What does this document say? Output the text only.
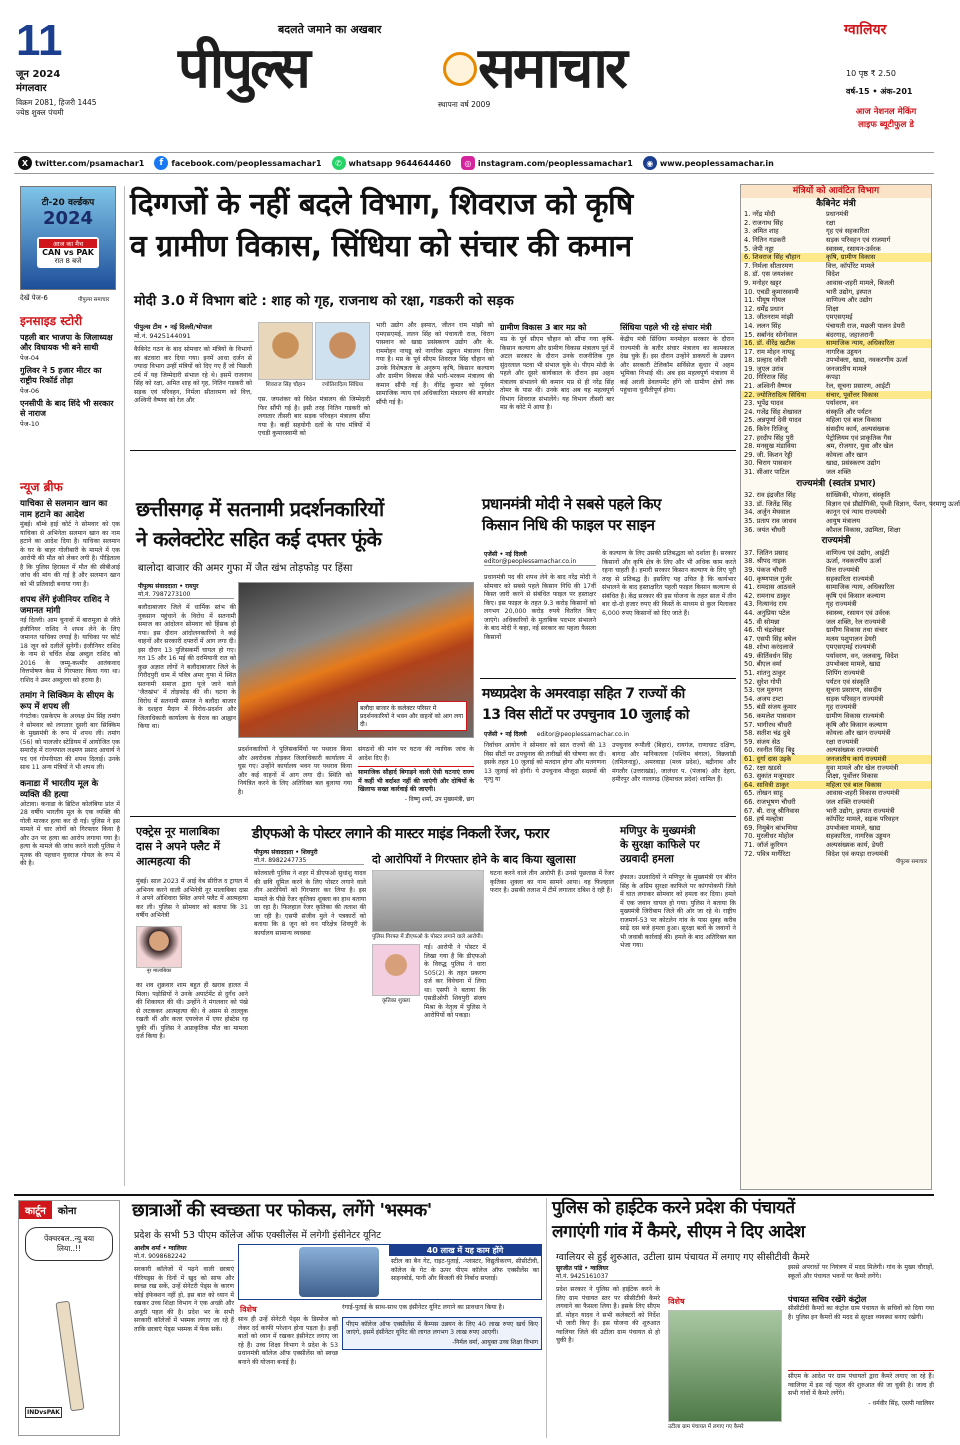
11
जून 2024
मंगलवार
विक्रम 2081, हिजरी 1445
ज्येष्ठ शुक्ल पंचमी
बदलते जमाने का अखबार
पीपुल्स	समाचार
स्थापना वर्ष 2009
ग्वालियर
10 पृष्ठ ₹ 2.50
वर्ष-15 • अंक-201
आज नेशनल मेकिंग
लाइफ ब्यूटीफुल डे
X twitter.com/psamachar1	f	facebook.com/peoplessamachar1	✆ whatsapp 9644644460	◎ instagram.com/peoplessamachar1	◉ www.peoplessamachar.in
टी-20 वर्ल्डकप
2024
आज का मैच
CAN vs PAK
रात 8 बजे
देखें पेज-6	पीपुल्स समाचार
इनसाइड स्टोरी
पहली बार भाजपा के जिलाध्यक्ष और विधायक भी बने साथी
पेज-04
गुलिवर ने 5 हजार मीटर का राष्ट्रीय रिकॉर्ड तोड़ा
पेज-06
एनसीपी के बाद शिंदे भी सरकार से नाराज
पेज-10
न्यूज ब्रीफ
याचिका से सलमान खान का नाम हटाने का आदेश
मुंबई। बॉम्बे हाई कोर्ट ने सोमवार को एक याचिका से अभिनेता सलमान खान का नाम हटाने का आदेश दिया है। याचिका सलमान के घर के बाहर गोलीबारी के मामले में एक आरोपी की मौत को लेकर लगी है। पीड़ितात्व है कि पुलिस हिरासत में मौत की सीबीआई जांच की मांग की गई है और सलमान खान को भी प्रतिवादी बनाया गया है।
शपथ लेंगे इंजीनियर राशिद ने जमानत मांगी
नई दिल्ली। आम चुनावों में बारामूला से जीते इंजीनियर राशिद ने शपथ लेने के लिए जमानत याचिका लगाई है। याचिका पर कोर्ट 18 जून को दलीलें सुनेगी। इंजीनियर राशिद के नाम से चर्चित शेख अब्दुल राशिद को 2016 के जम्मू-कश्मीर आतंकवाद वित्तपोषण केस में गिरफ्तार किया गया था। राशिद ने उमर अब्दुल्ला को हराया है।
तमांग ने सिक्किम के सीएम के रूप में शपथ ली
गंगटोक। एसकेएम के अध्यक्ष प्रेम सिंह तमांग ने सोमवार को लगातार दूसरी बार सिक्किम के मुख्यमंत्री के रूप में शपथ ली। तमांग (56) को पालजोर स्टेडियम में आयोजित एक समारोह में राज्यपाल लक्ष्मण प्रसाद आचार्य ने पद एवं गोपनीयता की शपथ दिलाई। उनके साथ 11 अन्य मंत्रियों ने भी शपथ ली।
कनाडा में भारतीय मूल के व्यक्ति की हत्या
ओटावा। कनाडा के ब्रिटिश कोलंबिया प्रांत में 28 वर्षीय भारतीय मूल के एक व्यक्ति की गोली मारकर हत्या कर दी गई। पुलिस ने इस मामले में चार लोगों को गिरफ्तार किया है और उन पर हत्या का आरोप लगाया गया है। हत्या के मामले की जांच करने वाली पुलिस ने मृतक की पहचान युवराज गोयल के रूप में की है।
दिग्गजों के नहीं बदले विभाग, शिवराज को कृषि
व ग्रामीण विकास, सिंधिया को संचार की कमान
मोदी 3.0 में विभाग बांटे : शाह को गृह, राजनाथ को रक्षा, गडकरी को सड़क
पीपुल्स टीम • नई दिल्ली/भोपाल
मो.नं. 9425144091
कैबिनेट गठन के बाद सोमवार को मंत्रियों के विभागों का बंटवारा कर दिया गया। इनमें आधा दर्जन से ज्यादा विभाग उन्हीं मंत्रियों को दिए गए हैं जो पिछली टर्म में यह जिम्मेदारी संभाल रहे थे। इसमें राजनाथ सिंह को रक्षा, अमित शाह को गृह, नितिन गडकरी को सड़क एवं परिवहन, निर्मला सीतारमण को वित्त, अश्विनी वैष्णव को रेल और
शिवराज सिंह चौहान	ज्योतिरादित्य सिंधिया
एस. जयशंकर को विदेश मंत्रालय की जिम्मेदारी फिर सौंपी गई है। इसी तरह नितिन गडकरी को लगातार तीसरी बार सड़क परिवहन मंत्रालय सौंपा गया है। कहीं सहयोगी दलों के पांच मंत्रियों में एचडी कुमारस्वामी को
भारी उद्योग और इस्पात, जीतन राम मांझी को एमएसएमई, ललन सिंह को पंचायती राज, चिराग पासवान को खाद्य प्रसंस्करण उद्योग और के. राममोहन नायडू को नागरिक उड्डयन मंत्रालय दिया गया है। मप्र के पूर्व सीएम शिवराज सिंह चौहान को उनके विशेषज्ञता के अनुरूप कृषि, किसान कल्याण और ग्रामीण विकास जैसे भारी-भरकम मंत्रालय की कमान सौंपी गई है। वीरेंद्र कुमार को पूर्ववत सामाजिक न्याय एवं अधिकारिता मंत्रालय की बागडोर सौंपी गई है।
ग्रामीण विकास 3 बार मप्र को
मप्र के पूर्व सीएम चौहान को सौंपा गया कृषि-किसान कल्याण और ग्रामीण विकास मंत्रालय पूर्व में अटल सरकार के दौरान उनके राजनीतिक गुरु सुंदरलाल पटवा भी संभाल चुके थे। पीएम मोदी के पहले और दूसरे कार्यकाल के दौरान इस अहम मंत्रालय संभालने की कमान मप्र से ही नरेंद्र सिंह तोमर के पास थी। उनके बाद अब यह महत्वपूर्ण विभाग शिवराज संभालेंगे। यह विभाग तीसरी बार मप्र के कोटे में आया है।
सिंधिया पहले भी रहे संचार मंत्री
केंद्रीय मंत्री सिंधिया मनमोहन सरकार के दौरान राज्यमंत्री के बतौर संचार मंत्रालय का कामकाज देख चुके हैं। इस दौरान उन्होंने डाकघरों के उन्नयन और सरकारी टेलिकॉम सर्विसेज सुधार में अहम भूमिका निभाई थी। अब इस महत्वपूर्ण मंत्रालय में कई अरली डेवलपमेंट होंगे जो ग्रामीण क्षेत्रों तक पहुंचाना चुनौतीपूर्ण होगा।
मंत्रियों को आवंटित विभाग
कैबिनेट मंत्री
1. नरेंद्र मोदी	प्रधानमंत्री
2. राजनाथ सिंह	रक्षा
3. अमित शाह	गृह एवं सहकारिता
4. नितिन गडकरी	सड़क परिवहन एवं राजमार्ग
5. जेपी नड्डा	स्वास्थ्य, रसायन-उर्वरक
6. शिवराज सिंह चौहान	कृषि, ग्रामीण विकास
7. निर्मला सीतारमण	वित्त, कॉर्पोरेट मामले
8. डॉ. एस जयशंकर	विदेश
9. मनोहर खट्टर	आवास-शहरी मामले, बिजली
10. एचडी कुमारस्वामी	भारी उद्योग, इस्पात
11. पीयूष गोयल	वाणिज्य और उद्योग
12. धर्मेंद्र प्रधान	शिक्षा
13. जीतनराम मांझी	एमएसएमई
14. ललन सिंह	पंचायती राज, मछली पालन डेयरी
15. सर्बानंद सोनोवाल	बंदरगाह, जहाजरानी
16. डॉ. वीरेंद्र खटीक	सामाजिक न्याय, अधिकारिता
17. राम मोहन नायडू	नागरिक उड्डयन
18. प्रल्हाद जोशी	उपभोक्ता, खाद्य, नवकरणीय ऊर्जा
19. जुएल उरांव	जनजातीय मामले
20. गिरिराज सिंह	कपड़ा
21. अश्विनी वैष्णव	रेल, सूचना प्रसारण, आईटी
22. ज्योतिरादित्य सिंधिया	संचार, पूर्वोत्तर विकास
23. भूपेंद्र यादव	पर्यावरण, वन
24. गजेंद्र सिंह शेखावत	संस्कृति और पर्यटन
25. अन्नपूर्णा देवी यादव	महिला एवं बाल विकास
26. किरेन रिजिजू	संसदीय कार्य, अल्पसंख्यक
27. हरदीप सिंह पुरी	पेट्रोलियम एवं प्राकृतिक गैस
28. मनसुख मंडाविया	श्रम, रोजगार, युवा और खेल
29. जी. किशन रेड्डी	कोयला और खान
30. चिराग पासवान	खाद्य, प्रसंस्करण उद्योग
31. सीआर पाटिल	जल शक्ति
राज्यमंत्री (स्वतंत्र प्रभार)
32. राव इंद्रजीत सिंह	सांख्यिकी, योजना, संस्कृति
33. डॉ. जितेंद्र सिंह	विज्ञान एवं प्रौद्योगिकी, पृथ्वी विज्ञान, पेंशन, परमाणु ऊर्जा
34. अर्जुन मेघवाल	कानून एवं न्याय राज्यमंत्री
35. प्रताप राव जाधव	आयुष मंत्रालय
36. जयंत चौधरी	कौशल विकास, उद्यमिता, शिक्षा
राज्यमंत्री
37. जितिन प्रसाद	वाणिज्य एवं उद्योग, आईटी
38. श्रीपद नाइक	ऊर्जा, नवकरणीय ऊर्जा
39. पंकज चौधरी	वित्त राज्यमंत्री
40. कृष्णपाल गुर्जर	सहकारिता राज्यमंत्री
41. रामदास आठवले	सामाजिक न्याय, अधिकारिता
42. रामनाथ ठाकुर	कृषि एवं किसान कल्याण
43. नित्यानंद राय	गृह राज्यमंत्री
44. अनुप्रिया पटेल	स्वास्थ्य, रसायन एवं उर्वरक
45. वी सोमन्ना	जल शक्ति, रेल राज्यमंत्री
46. पी चंद्रशेखर	ग्रामीण विकास तथा संचार
47. एसपी सिंह बघेल	मत्स्य पशुपालन डेयरी
48. शोभा करंदलाजे	एमएसएमई राज्यमंत्री
49. कीर्तिवर्धन सिंह	पर्यावरण, वन, जलवायु, विदेश
50. बीएल वर्मा	उपभोक्ता मामले, खाद्य
51. शांतनु ठाकुर	शिपिंग राज्यमंत्री
52. सुरेश गोपी	पर्यटन एवं संस्कृति
53. एल मुरुगन	सूचना प्रसारण, संसदीय
54. अजय टम्टा	सड़क परिवहन राज्यमंत्री
55. बंडी संजय कुमार	गृह राज्यमंत्री
56. कमलेश पासवान	ग्रामीण विकास राज्यमंत्री
57. भागीरथ चौधरी	कृषि और किसान कल्याण
58. सतीश चंद्र दुबे	कोयला और खान राज्यमंत्री
59. संजय सेठ	रक्षा राज्यमंत्री
60. रवनीत सिंह बिट्टू	अल्पसंख्यक राज्यमंत्री
61. दुर्गा दास उइके	जनजातीय कार्य राज्यमंत्री
62. रक्षा खडसे	युवा मामले और खेल राज्यमंत्री
63. सुकांत मजूमदार	शिक्षा, पूर्वोत्तर विकास
64. सावित्री ठाकुर	महिला एवं बाल विकास
65. तोखन साहू	आवास-शहरी विकास राज्यमंत्री
66. राजभूषण चौधरी	जल शक्ति राज्यमंत्री
67. बी. राजू श्रीनिवास	भारी उद्योग, इस्पात राज्यमंत्री
68. हर्ष मल्होत्रा	कॉर्पोरेट मामले, सड़क परिवहन
69. निमुबेन बांभणिया	उपभोक्ता मामले, खाद्य
70. मुरलीधर मोहोल	सहकारिता, नागरिक उड्डयन
71. जॉर्ज कुरियन	अल्पसंख्यक कार्य, डेयरी
72. पवित्र मार्गेरिटा	विदेश एवं कपड़ा राज्यमंत्री
पीपुल्स समाचार
छत्तीसगढ़ में सतनामी प्रदर्शनकारियों
ने कलेक्टोरेट सहित कई दफ्तर फूंके
बालोदा बाजार की अमर गुफा में जैत खंभ तोड़फोड़ पर हिंसा
पीपुल्स संवाददाता • रायपुर
मो.नं. 7987273100
बलौदाबाजार जिले में धार्मिक स्तंभ की नुकसान पहुंचाने के विरोध में सतनामी समाज का आंदोलन सोमवार को हिंसक हो गया। इस दौरान आंदोलनकारियों ने कई वाहनों और सरकारी दफ्तरों में आग लगा दी। इस दौरान 13 पुलिसकर्मी घायल हो गए। गत 15 और 16 मई की दरमियानी रात को कुछ अज्ञात लोगों ने बलौदाबाजार जिले के गिरौदपुरी धाम में पवित्र अमर गुफा में स्थित सतनामी समाज द्वारा पूजे जाने वाले 'जैतखंभ' में तोड़फोड़ की थी। घटना के विरोध में सतनामी समाज ने बलौदा बाजार के दशहरा मैदान में विरोध-प्रदर्शन और जिलाधिकारी कार्यालय के घेराव का आह्वान किया था।
बलौदा बाजार के कलेक्टर परिसर में प्रदर्शनकारियों ने भवन और वाहनों को आग लगा दी।
प्रदर्शनकारियों ने पुलिसकर्मियों पर पथराव किया और अवरोधक तोड़कर जिलाधिकारी कार्यालय में घुस गए। उन्होंने कार्यालय भवन पर पथराव किया और कई वाहनों में आग लगा दी। स्थिति को नियंत्रित करने के लिए अतिरिक्त बल बुलाया गया है।
संगठनों की मांग पर घटना की न्यायिक जांच के आदेश दिए हैं।
सामाजिक सौहार्द बिगाड़ने वाली ऐसी घटनाएं राज्य में कहीं भी बर्दाश्त नहीं की जाएंगी और दोषियों के खिलाफ सख्त कार्रवाई की जाएगी।
- विष्णु शर्मा, उप मुख्यमंत्री, छग
प्रधानमंत्री मोदी ने सबसे पहले किए
किसान निधि की फाइल पर साइन
एजेंसी • नई दिल्ली
editor@peoplessamachar.co.in
प्रधानमंत्री पद की शपथ लेने के बाद नरेंद्र मोदी ने सोमवार को सबसे पहले किसान निधि की 17वीं किस्त जारी करने से संबंधित फाइल पर हस्ताक्षर किए। इस फाइल के तहत 9.3 करोड़ किसानों को लगभग 20,000 करोड़ रुपये वितरित किए जाएंगे। अधिकारियों के मुताबिक पदभार संभालने के बाद मोदी ने कहा, नई सरकार का पहला फैसला किसानों
के कल्याण के लिए उसकी प्रतिबद्धता को दर्शाता है। सरकार किसानों और कृषि क्षेत्र के लिए और भी अधिक काम करते रहना चाहती है। हमारी सरकार किसान कल्याण के लिए पूरी तरह से प्रतिबद्ध है। इसलिए यह उचित है कि कार्यभार संभालने के बाद हस्ताक्षरित पहली फाइल किसान कल्याण से संबंधित है। केंद्र सरकार की इस योजना के तहत साल में तीन बार दो-दो हजार रुपए की किस्तें के माध्यम से कुल मिलाकर 6,000 रुपए किसानों को दिए जाते हैं।
मध्यप्रदेश के अमरवाड़ा सहित 7 राज्यों की
13 विस सीटों पर उपचुनाव 10 जुलाई को
एजेंसी • नई दिल्ली editor@peoplessamachar.co.in
निर्वाचन आयोग ने सोमवार को सात राज्यों की 13 विस सीटों पर उपचुनाव की तारीखों की घोषणा कर दी। इसके तहत 10 जुलाई को मतदान होगा और मतगणना 13 जुलाई को होगी। ये उपचुनाव मौजूदा सदस्यों की मृत्यु या
उपचुनाव रूपौली (बिहार), रायगंज, राणाघाट दक्षिण, बागदा और मानिकतला (पश्चिम बंगाल), विक्रवांडी (तमिलनाडु), अमरवाड़ा (मध्य प्रदेश), बद्रीनाथ और मंगलौर (उत्तराखंड), जालंधर प. (पंजाब) और देहरा, हमीरपुर और नालागढ़ (हिमाचल प्रदेश) शामिल हैं।
एक्ट्रेस नूर मालाबिका
दास ने अपने फ्लैट में
आत्महत्या की
मुंबई। साल 2023 में आई वेब सीरीज द ट्रायल में अभिनय करने वाली अभिनेत्री नूर मालाबिका दास ने अपने ओशिवारा स्थित अपने फ्लैट में आत्महत्या कर ली। पुलिस ने सोमवार को बताया कि 31 वर्षीय अभिनेत्री
नूर मालाबिका
का शव शुक्रवार शाम बहुत ही खराब हालत में मिला। पड़ोसियों ने उनके अपार्टमेंट से दुर्गंध आने की शिकायत की थी। उन्होंने ने मंगलवार को पंखे से लटककर आत्महत्या की। वे असम से ताल्लुक रखती थीं और कतर एयरवेज में एयर होस्टेस रह चुकी थीं। पुलिस ने अप्राकृतिक मौत का मामला दर्ज किया है।
डीएफओ के पोस्टर लगाने की मास्टर माइंड निकली रेंजर, फरार
पीपुल्स संवाददाता • शिवपुरी
मो.नं. 8982247735	दो आरोपियों ने गिरफ्तार होने के बाद किया खुलासा
कोतवाली पुलिस ने शहर में डीएफओ सुधांशु यादव की छवि धूमिल करने के लिए पोस्टर लगाने वाले तीन आरोपियों को गिरफ्तार कर लिया है। इस मामले के पीछे रेंजर कृतिका शुक्ला का हाथ बताया जा रहा है। फिलहाल रेंजर कृतिका की तलाश की जा रही है। एसपी संजीव मुले ने पत्रकारों को बताया कि 8 जून को वन परिक्षेत्र शिवपुरी के कार्यालय सामान्य व्यवस्था
पुलिस गिरफ्त में डीएफओ के पोस्टर लगाने वाले आरोपी।
कृतिका शुक्ला
गई। आरोपी ने पोस्टर में लिखा गया है कि डीएफओ के विरुद्ध पुलिस ने धारा 505(2) के तहत प्रकरण दर्ज कर विवेचना में लिया था। एसपी ने बताया कि एसडीओपी शिवपुरी संजय मिश्रा के नेतृत्व में पुलिस ने आरोपियों को पकड़ा।
घटना करने वाले तीन आरोपी हैं। उनसे पूछताछ में रेंजर कृतिका शुक्ला का नाम सामने आया। वह फिलहाल फरार है। उसकी तलाश में टीमें लगातार दबिश दे रही हैं।
मणिपुर के मुख्यमंत्री
के सुरक्षा काफिले पर
उग्रवादी हमला
इंफाल। उग्रवादियों ने मणिपुर के मुख्यमंत्री एन बीरेन सिंह के अग्रिम सुरक्षा काफिले पर कांगपोकपी जिले में घात लगाकर सोमवार को हमला कर दिया। हमले में एक जवान घायल हो गया। पुलिस ने बताया कि मुख्यमंत्री जिरीबाम जिले की ओर जा रहे थे। राष्ट्रीय राजमार्ग-53 पर कोटलेन गांव के पास सुबह करीब साढ़े दस बजे हमला हुआ। सुरक्षा बलों के जवानों ने भी जवाबी कार्रवाई की। हमले के बाद अतिरिक्त बल भेजा गया।
कार्टून	कोना
पेंक्चरबल..न्यू बया लिया..!!
INDvsPAK
छात्राओं की स्वच्छता पर फोकस, लगेंगे 'भस्मक'
प्रदेश के सभी 53 पीएम कॉलेज ऑफ एक्सीलेंस में लगेगी इंसीनेटर यूनिट
आशीष शर्मा • ग्वालियर
मो.नं. 9098682242
सरकारी कॉलेजों में पढ़ने वाली छात्राएं पीरियड्स के दिनों में खुद को साफ और स्वच्छ रख सकें, उन्हें सेनेटरी पेड्स के कारण कोई इंफेक्शन नहीं हो, इस बात को ध्यान में रखकर उच्च शिक्षा विभाग ने एक अच्छी और अनूठी पहल की है। प्रदेश भर के सभी सरकारी कॉलेजों में भस्मक लगाए जा रहे हैं ताकि छात्राएं पेड्स भस्मक में फेंक सकें।
40 लाख में यह काम होंगे
स्टील का बैन गेट, राइट-पुताई, -प्लास्टर, विद्युतीकरण, सीसीटीवी, कॉलेज के गेट के ऊपर पीएम कॉलेज ऑफ एक्सीलेंस का साइनबोर्ड, पानी और बिजली की निर्बाध सप्लाई।
विशेष
साथ ही उन्हें सेनेटरी पेड्स के डिस्पोज को लेकर दर्द काफी परेशान होना पड़ता है। इन्हीं बातों को ध्यान में रखकर इंसीनेटर लगाए जा रहे हैं। उच्च शिक्षा विभाग ने प्रदेश के 53 प्रधानमंत्री कॉलेज ऑफ एक्सीलेंस को स्वच्छ बनाने की योजना बनाई है।
रंगाई-पुताई के साथ-साथ एक इंसीनेटर यूनिट लगाने का प्रावधान किया है।
पीएम कॉलेज ऑफ एक्सीलेंस में कैम्पस उन्नयन के लिए 40 लाख रुपए खर्च किए जाएंगे, इसमें इंसीनेटर यूनिट की लागत लगभग 3 लाख रुपए आएगी।
-निर्मल वर्मा, आयुक्त उच्च शिक्षा विभाग
पुलिस को हाईटेक करने प्रदेश की पंचायतें
लगाएंगी गांव में कैमरे, सीएम ने दिए आदेश
ग्वालियर से हुई शुरुआत, उटीला ग्राम पंचायत में लगाए गए सीसीटीवी कैमरे
सुरजीत पांडे • ग्वालियर
मो.नं. 9425161037
विशेष
प्रदेश सरकार ने पुलिस को हाईटेक करने के लिए ग्राम पंचायत स्तर पर सीसीटीवी कैमरे लगवाने का फैसला लिया है। इसके लिए सीएम डॉ. मोहन यादव ने सभी कलेक्टरों को निर्देश भी जारी किए हैं। इस योजना की शुरुआत ग्वालियर जिले की उटीला ग्राम पंचायत से हो चुकी है।
उटीला ग्राम पंचायत में लगाए गए कैमरे
इससे अपराधों पर नियंत्रण में मदद मिलेगी। गांव के मुख्य चौराहों, स्कूलों और पंचायत भवनों पर कैमरे लगेंगे।
पंचायत सचिव रखेंगे कंट्रोल
सीसीटीवी कैमरों का कंट्रोल ग्राम पंचायत के सचिवों को दिया गया है। पुलिस इन कैमरों की मदद से सुरक्षा व्यवस्था बनाए रखेगी।
सीएम के आदेश पर ग्राम पंचायतों द्वारा कैमरे लगाए जा रहे हैं। ग्वालियर में इस नई पहल की शुरुआत की जा चुकी है। जल्द ही सभी गांवों में कैमरे लगेंगे।
- धर्मवीर सिंह, एसपी ग्वालियर
